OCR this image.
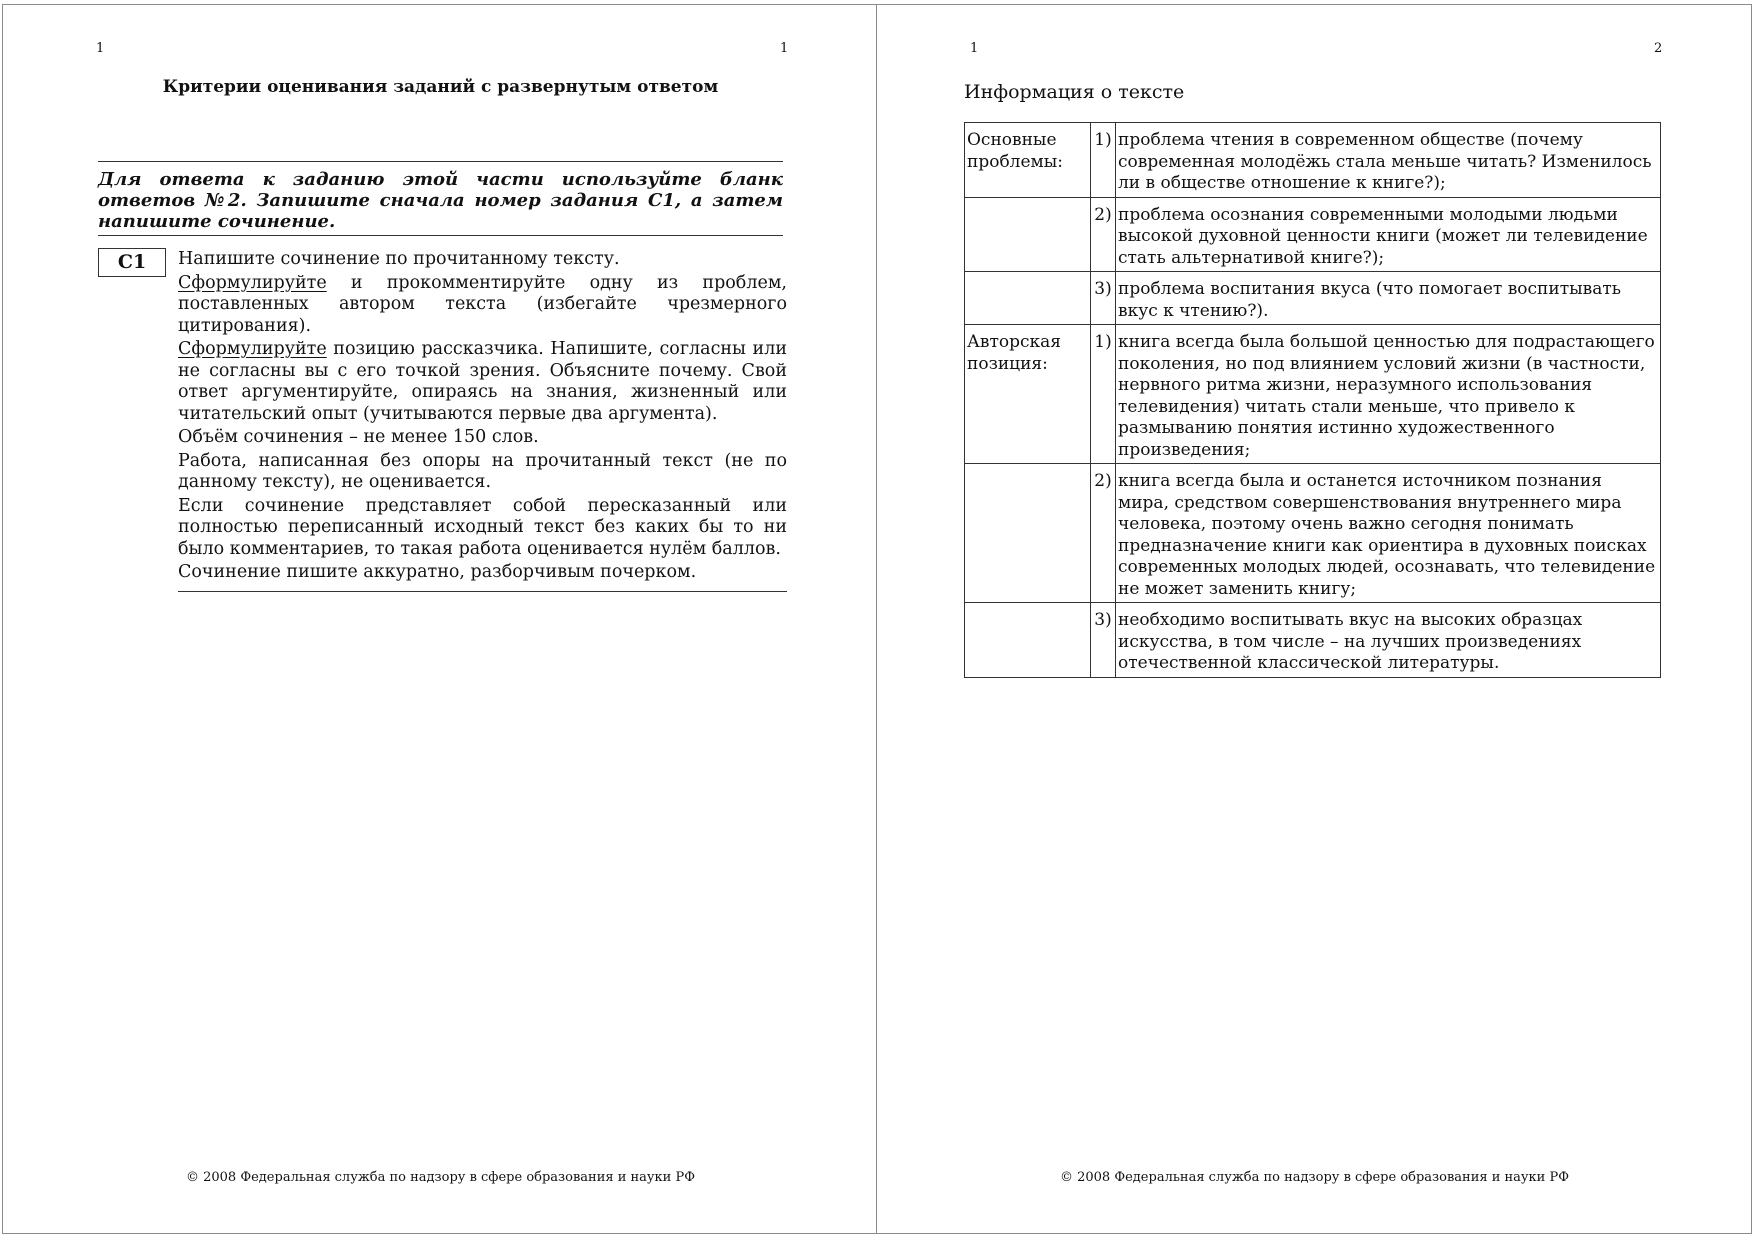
1	1
Критерии оценивания заданий с развернутым ответом
Для ответа к заданию этой части используйте бланк ответов №2. Запишите сначала номер задания С1, а затем напишите сочинение.
С1	Напишите сочинение по прочитанному тексту.

Сформулируйте и прокомментируйте одну из проблем, поставленных автором текста (избегайте чрезмерного цитирования).

Сформулируйте позицию рассказчика. Напишите, согласны или не согласны вы с его точкой зрения. Объясните почему. Свой ответ аргументируйте, опираясь на знания, жизненный или читательский опыт (учитываются первые два аргумента).

Объём сочинения – не менее 150 слов.

Работа, написанная без опоры на прочитанный текст (не по данному тексту), не оценивается.

Если сочинение представляет собой пересказанный или полностью переписанный исходный текст без каких бы то ни было комментариев, то такая работа оценивается нулём баллов.

Сочинение пишите аккуратно, разборчивым почерком.

© 2008 Федеральная служба по надзору в сфере образования и науки РФ
1	2
Информация о тексте
Основные проблемы:	1)	проблема чтения в современном обществе (почему современная молодёжь стала меньше читать? Изменилось ли в обществе отношение к книге?);
	2)	проблема осознания современными молодыми людьми высокой духовной ценности книги (может ли телевидение стать альтернативой книге?);
	3)	проблема воспитания вкуса (что помогает воспитывать вкус к чтению?).
Авторская позиция:	1)	книга всегда была большой ценностью для подрастающего поколения, но под влиянием условий жизни (в частности, нервного ритма жизни, неразумного использования телевидения) читать стали меньше, что привело к размыванию понятия истинно художественного произведения;
	2)	книга всегда была и останется источником познания мира, средством совершенствования внутреннего мира человека, поэтому очень важно сегодня понимать предназначение книги как ориентира в духовных поисках современных молодых людей, осознавать, что телевидение не может заменить книгу;
	3)	необходимо воспитывать вкус на высоких образцах искусства, в том числе – на лучших произведениях отечественной классической литературы.
© 2008 Федеральная служба по надзору в сфере образования и науки РФ
